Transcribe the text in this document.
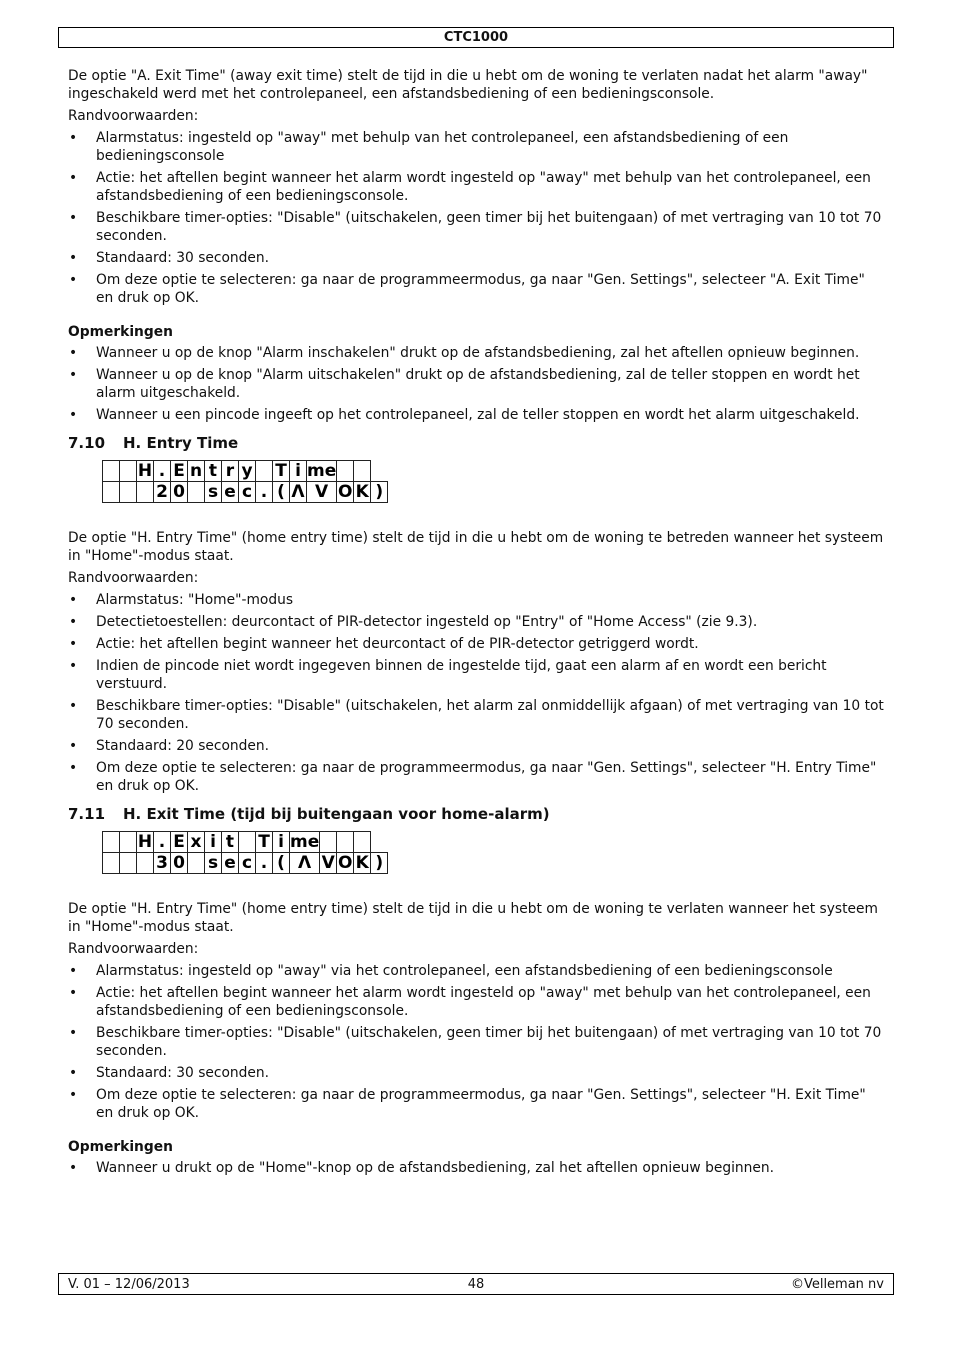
CTC1000

De optie "A. Exit Time" (away exit time) stelt de tijd in die u hebt om de woning te verlaten nadat het alarm "away" ingeschakeld werd met het controlepaneel, een afstandsbediening of een bedieningsconsole.

Randvoorwaarden:

• Alarmstatus: ingesteld op "away" met behulp van het controlepaneel, een afstandsbediening of een bedieningsconsole
• Actie: het aftellen begint wanneer het alarm wordt ingesteld op "away" met behulp van het controlepaneel, een afstandsbediening of een bedieningsconsole.
• Beschikbare timer-opties: "Disable" (uitschakelen, geen timer bij het buitengaan) of met vertraging van 10 tot 70 seconden.
• Standaard: 30 seconden.
• Om deze optie te selecteren: ga naar de programmeermodus, ga naar "Gen. Settings", selecteer "A. Exit Time" en druk op OK.

Opmerkingen

• Wanneer u op de knop "Alarm inschakelen" drukt op de afstandsbediening, zal het aftellen opnieuw beginnen.
• Wanneer u op de knop "Alarm uitschakelen" drukt op de afstandsbediening, zal de teller stoppen en wordt het alarm uitgeschakeld.
• Wanneer u een pincode ingeeft op het controlepaneel, zal de teller stoppen en wordt het alarm uitgeschakeld.
7.10	H. Entry Time
		H	.	E	n	t	r	y		T	i	me			
			2	0		s	e	c	.	(	Λ	V	O	K	)

De optie "H. Entry Time" (home entry time) stelt de tijd in die u hebt om de woning te betreden wanneer het systeem in "Home"-modus staat.

Randvoorwaarden:

• Alarmstatus: "Home"-modus
• Detectietoestellen: deurcontact of PIR-detector ingesteld op "Entry" of "Home Access" (zie 9.3).
• Actie: het aftellen begint wanneer het deurcontact of de PIR-detector getriggerd wordt.
• Indien de pincode niet wordt ingegeven binnen de ingestelde tijd, gaat een alarm af en wordt een bericht verstuurd.
• Beschikbare timer-opties: "Disable" (uitschakelen, het alarm zal onmiddellijk afgaan) of met vertraging van 10 tot 70 seconden.
• Standaard: 20 seconden.
• Om deze optie te selecteren: ga naar de programmeermodus, ga naar "Gen. Settings", selecteer "H. Entry Time" en druk op OK.
7.11	H. Exit Time (tijd bij buitengaan voor home-alarm)
		H	.	E	x	i	t		T	i	me				
			3	0		s	e	c	.	(	Λ	V	O	K	)

De optie "H. Entry Time" (home entry time) stelt de tijd in die u hebt om de woning te verlaten wanneer het systeem in "Home"-modus staat.

Randvoorwaarden:

• Alarmstatus: ingesteld op "away" via het controlepaneel, een afstandsbediening of een bedieningsconsole
• Actie: het aftellen begint wanneer het alarm wordt ingesteld op "away" met behulp van het controlepaneel, een afstandsbediening of een bedieningsconsole.
• Beschikbare timer-opties: "Disable" (uitschakelen, geen timer bij het buitengaan) of met vertraging van 10 tot 70 seconden.
• Standaard: 30 seconden.
• Om deze optie te selecteren: ga naar de programmeermodus, ga naar "Gen. Settings", selecteer "H. Exit Time" en druk op OK.

Opmerkingen

• Wanneer u drukt op de "Home"-knop op de afstandsbediening, zal het aftellen opnieuw beginnen.
V. 01 – 12/06/2013	48	©Velleman nv
